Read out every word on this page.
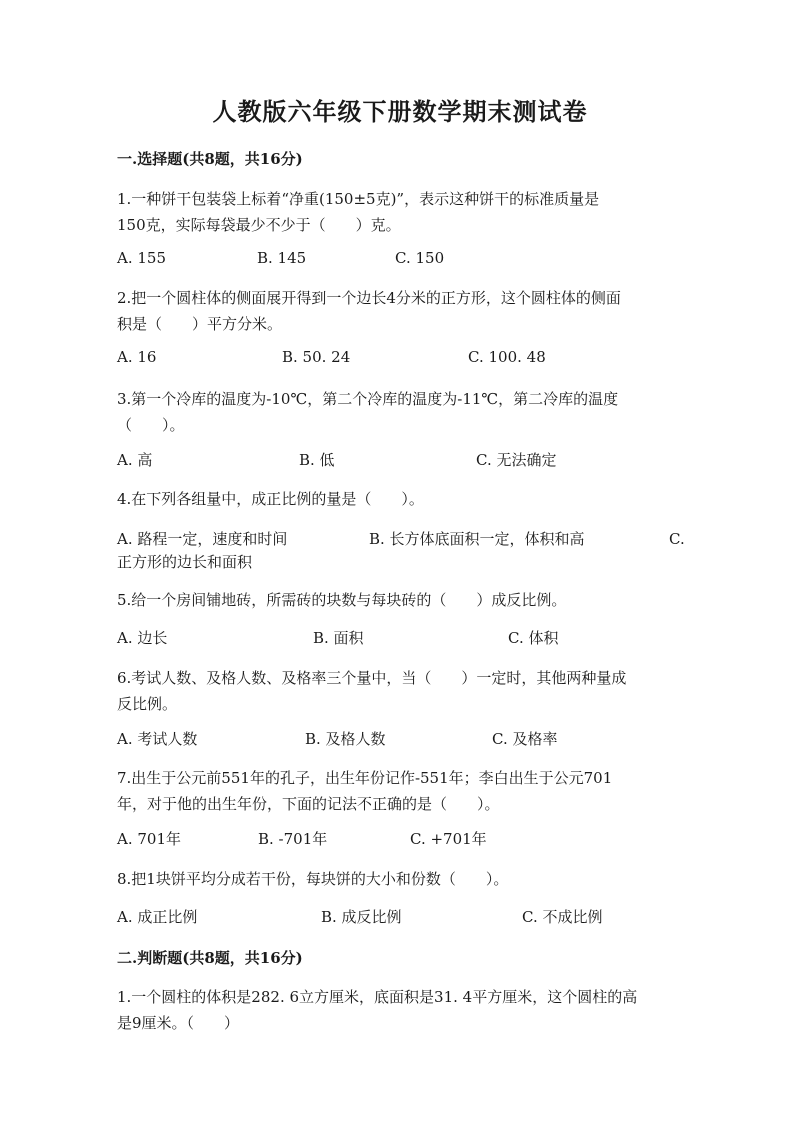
人教版六年级下册数学期末测试卷
一.选择题(共8题，共16分)
1.一种饼干包装袋上标着“净重(150±5克)”，表示这种饼干的标准质量是
150克，实际每袋最少不少于（　　）克。
A. 155	B. 145	C. 150
2.把一个圆柱体的侧面展开得到一个边长4分米的正方形，这个圆柱体的侧面
积是（　　）平方分米。
A. 16	B. 50. 24	C. 100. 48
3.第一个冷库的温度为-10℃，第二个冷库的温度为-11℃，第二冷库的温度
（　　）。
A. 高	B. 低	C. 无法确定
4.在下列各组量中，成正比例的量是（　　）。
A. 路程一定，速度和时间	B. 长方体底面积一定，体积和高	C.
正方形的边长和面积
5.给一个房间铺地砖，所需砖的块数与每块砖的（　　）成反比例。
A. 边长	B. 面积	C. 体积
6.考试人数、及格人数、及格率三个量中，当（　　）一定时，其他两种量成
反比例。
A. 考试人数	B. 及格人数	C. 及格率
7.出生于公元前551年的孔子，出生年份记作-551年；李白出生于公元701
年，对于他的出生年份，下面的记法不正确的是（　　）。
A. 701年	B. -701年	C. +701年
8.把1块饼平均分成若干份，每块饼的大小和份数（　　）。
A. 成正比例	B. 成反比例	C. 不成比例
二.判断题(共8题，共16分)
1.一个圆柱的体积是282. 6立方厘米，底面积是31. 4平方厘米，这个圆柱的高
是9厘米。（　　）
